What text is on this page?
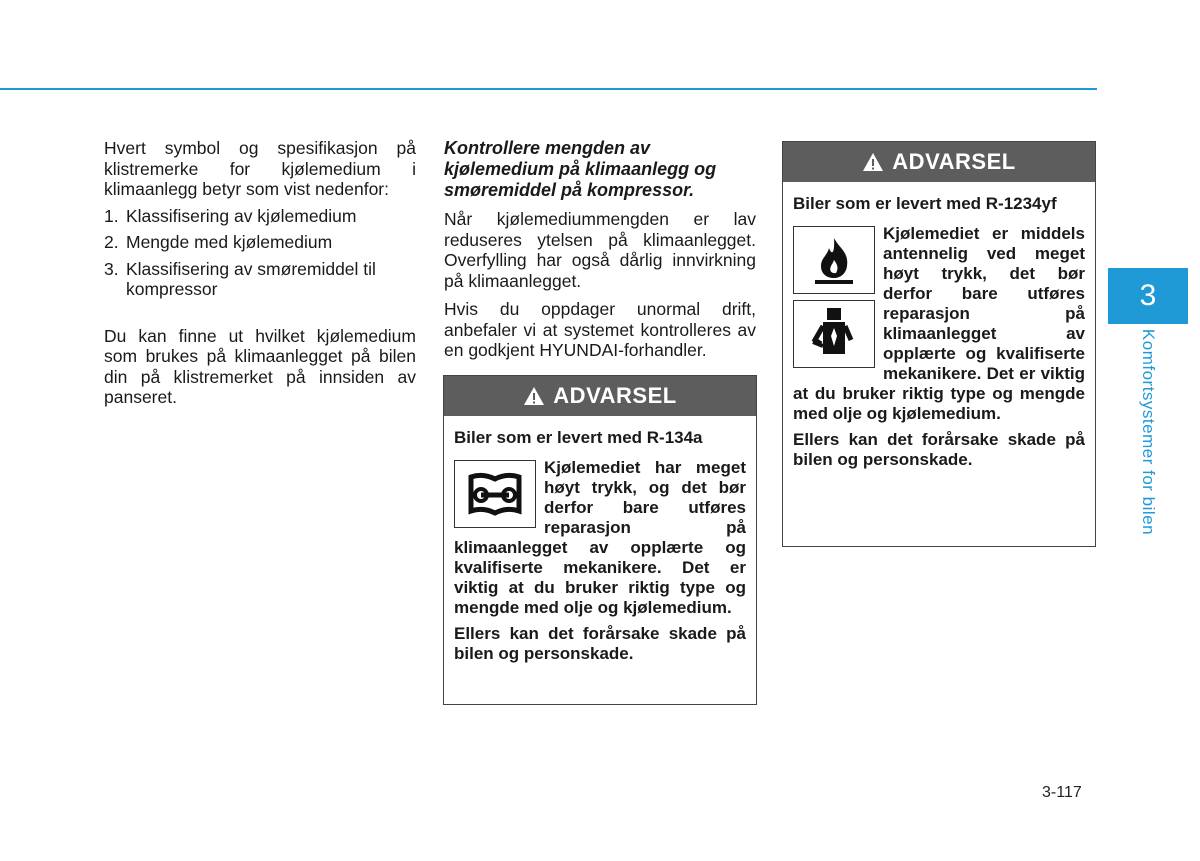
Hvert symbol og spesifikasjon på klistremerke for kjølemedium i klimaanlegg betyr som vist nedenfor:

1. Klassifisering av kjølemedium
2. Mengde med kjølemedium
3. Klassifisering av smøremiddel til kompressor

Du kan finne ut hvilket kjølemedium som brukes på klimaanlegget på bilen din på klistremerket på innsiden av panseret.

Kontrollere mengden av kjølemedium på klimaanlegg og smøremiddel på kompressor.

Når kjølemediummengden er lav reduseres ytelsen på klimaanlegget. Overfylling har også dårlig innvirkning på klimaanlegget.

Hvis du oppdager unormal drift, anbefaler vi at systemet kontrolleres av en godkjent HYUNDAI-forhandler.

ADVARSEL

Biler som er levert med R-134a

Kjølemediet har meget høyt trykk, og det bør derfor bare utføres reparasjon på klimaanlegget av opplærte og kvalifiserte mekanikere. Det er viktig at du bruker riktig type og mengde med olje og kjølemedium.

Ellers kan det forårsake skade på bilen og personskade.

ADVARSEL

Biler som er levert med R-1234yf

Kjølemediet er middels antennelig ved meget høyt trykk, det bør derfor bare utføres reparasjon på klimaanlegget av opplærte og kvalifiserte mekanikere. Det er viktig at du bruker riktig type og mengde med olje og kjølemedium.

Ellers kan det forårsake skade på bilen og personskade.

3
Komfortsystemer for bilen
3-117
